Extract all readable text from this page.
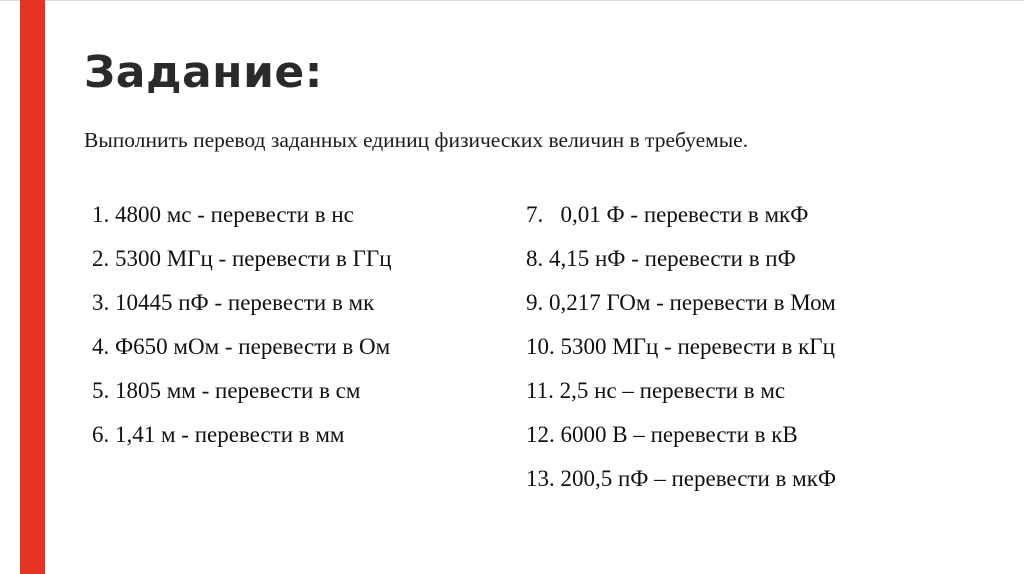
Задание:
Выполнить перевод заданных единиц физических величин в требуемые.
1. 4800 мс - перевести в нс
2. 5300 МГц - перевести в ГГц
3. 10445 пФ - перевести в мк
4. Ф650 мОм - перевести в Ом
5. 1805 мм - перевести в см
6. 1,41 м - перевести в мм
7.   0,01 Ф - перевести в мкФ
8. 4,15 нФ - перевести в пФ
9. 0,217 ГОм - перевести в Мом
10. 5300 МГц - перевести в кГц
11. 2,5 нс – перевести в мс
12. 6000 В – перевести в кВ
13. 200,5 пФ – перевести в мкФ
